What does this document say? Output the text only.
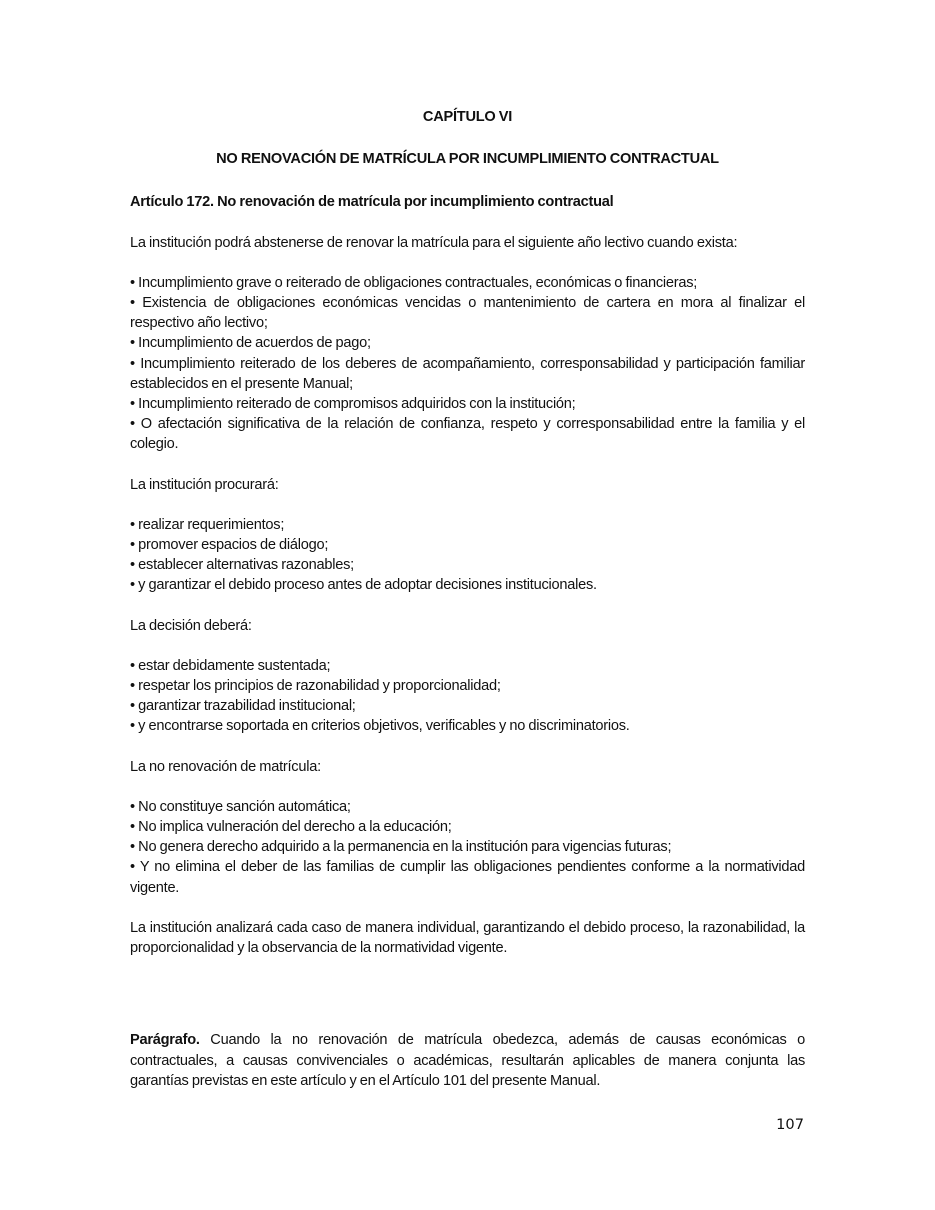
CAPÍTULO VI

NO RENOVACIÓN DE MATRÍCULA POR INCUMPLIMIENTO CONTRACTUAL

Artículo 172. No renovación de matrícula por incumplimiento contractual

La institución podrá abstenerse de renovar la matrícula para el siguiente año lectivo cuando exista:

• Incumplimiento grave o reiterado de obligaciones contractuales, económicas o financieras;
• Existencia de obligaciones económicas vencidas o mantenimiento de cartera en mora al finalizar el respectivo año lectivo;
• Incumplimiento de acuerdos de pago;
• Incumplimiento reiterado de los deberes de acompañamiento, corresponsabilidad y participación familiar establecidos en el presente Manual;
• Incumplimiento reiterado de compromisos adquiridos con la institución;
• O afectación significativa de la relación de confianza, respeto y corresponsabilidad entre la familia y el colegio.

La institución procurará:

• realizar requerimientos;
• promover espacios de diálogo;
• establecer alternativas razonables;
• y garantizar el debido proceso antes de adoptar decisiones institucionales.

La decisión deberá:

• estar debidamente sustentada;
• respetar los principios de razonabilidad y proporcionalidad;
• garantizar trazabilidad institucional;
• y encontrarse soportada en criterios objetivos, verificables y no discriminatorios.

La no renovación de matrícula:

• No constituye sanción automática;
• No implica vulneración del derecho a la educación;
• No genera derecho adquirido a la permanencia en la institución para vigencias futuras;
• Y no elimina el deber de las familias de cumplir las obligaciones pendientes conforme a la normatividad vigente.

La institución analizará cada caso de manera individual, garantizando el debido proceso, la razonabilidad, la proporcionalidad y la observancia de la normatividad vigente.

Parágrafo. Cuando la no renovación de matrícula obedezca, además de causas económicas o contractuales, a causas convivenciales o académicas, resultarán aplicables de manera conjunta las garantías previstas en este artículo y en el Artículo 101 del presente Manual.

107
